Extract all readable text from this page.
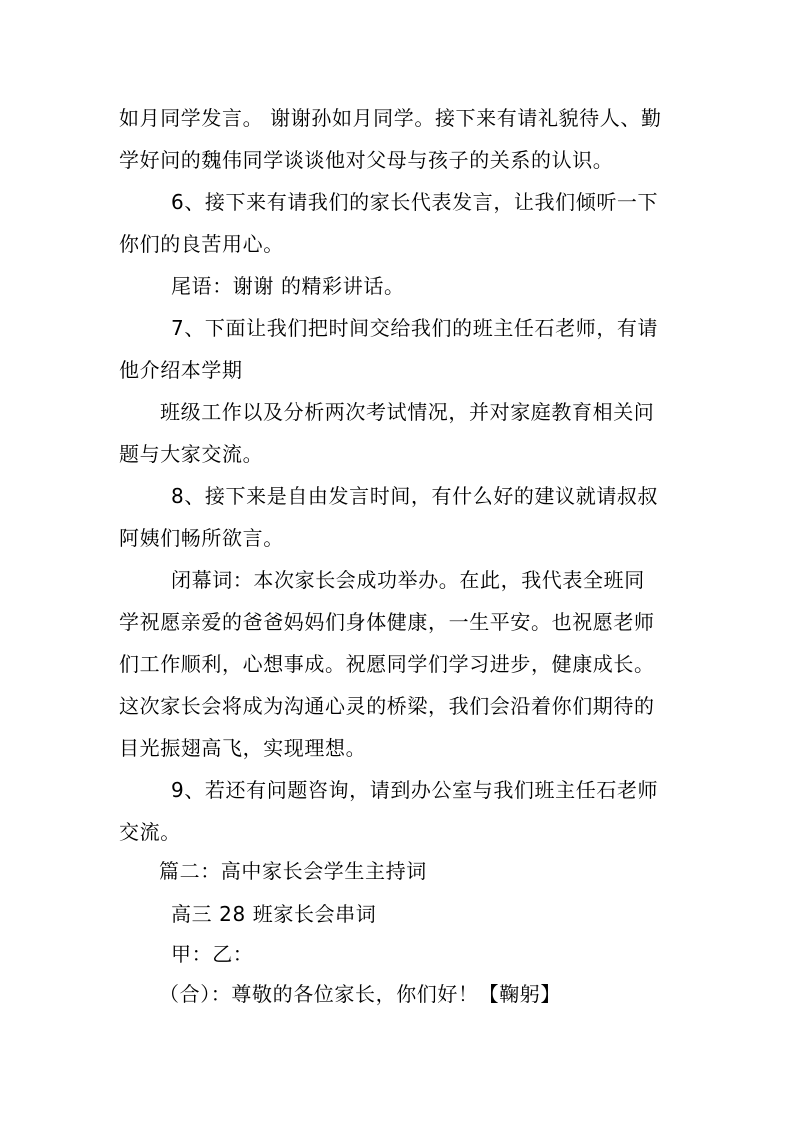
如月同学发言。 谢谢孙如月同学。接下来有请礼貌待人、勤
学好问的魏伟同学谈谈他对父母与孩子的关系的认识。
6、接下来有请我们的家长代表发言，让我们倾听一下
你们的良苦用心。
尾语：谢谢 的精彩讲话。
7、下面让我们把时间交给我们的班主任石老师，有请
他介绍本学期
班级工作以及分析两次考试情况，并对家庭教育相关问
题与大家交流。
8、接下来是自由发言时间，有什么好的建议就请叔叔
阿姨们畅所欲言。
闭幕词：本次家长会成功举办。在此，我代表全班同
学祝愿亲爱的爸爸妈妈们身体健康，一生平安。也祝愿老师
们工作顺利，心想事成。祝愿同学们学习进步，健康成长。
这次家长会将成为沟通心灵的桥梁，我们会沿着你们期待的
目光振翅高飞，实现理想。
9、若还有问题咨询，请到办公室与我们班主任石老师
交流。
篇二：高中家长会学生主持词
高三 28 班家长会串词
甲：乙：
（合）：尊敬的各位家长，你们好！【鞠躬】
